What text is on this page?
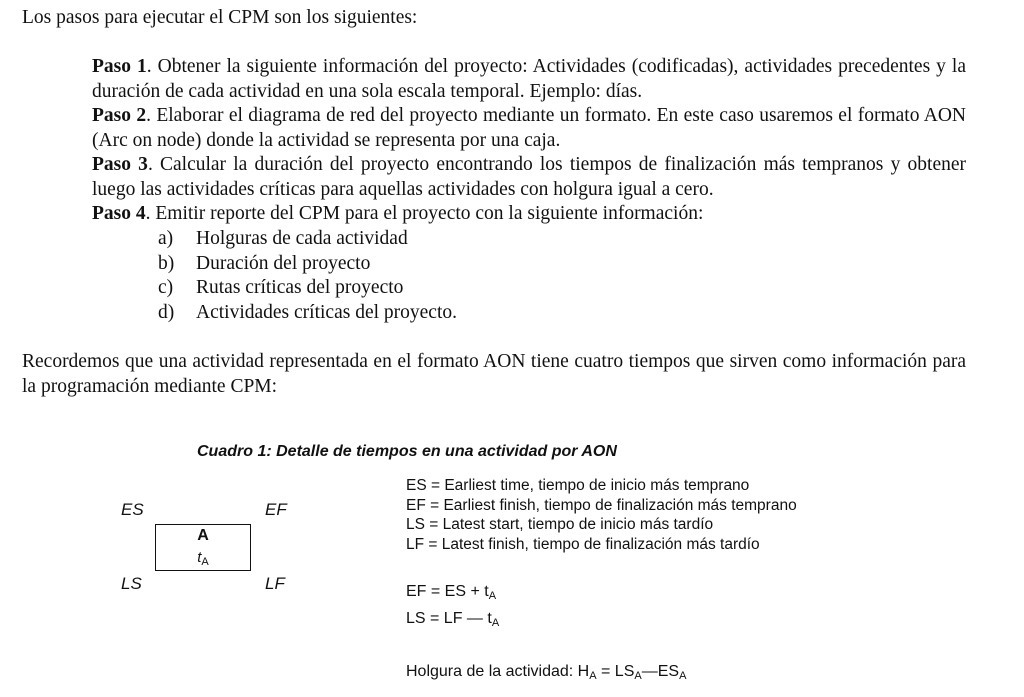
Los pasos para ejecutar el CPM son los siguientes:
Paso 1. Obtener la siguiente información del proyecto: Actividades (codificadas), actividades precedentes y la duración de cada actividad en una sola escala temporal. Ejemplo: días.
Paso 2. Elaborar el diagrama de red del proyecto mediante un formato. En este caso usaremos el formato AON (Arc on node) donde la actividad se representa por una caja.
Paso 3. Calcular la duración del proyecto encontrando los tiempos de finalización más tempranos y obtener luego las actividades críticas para aquellas actividades con holgura igual a cero.
Paso 4. Emitir reporte del CPM para el proyecto con la siguiente información:
a)	Holguras de cada actividad
b)	Duración del proyecto
c)	Rutas críticas del proyecto
d)	Actividades críticas del proyecto.
Recordemos que una actividad representada en el formato AON tiene cuatro tiempos que sirven como información para la programación mediante CPM:
Cuadro 1: Detalle de tiempos en una actividad por AON
ES	EF
LS	LF
A
$t_A$
ES = Earliest time, tiempo de inicio más temprano
EF = Earliest finish, tiempo de finalización más temprano
LS = Latest start, tiempo de inicio más tardío
LF = Latest finish, tiempo de finalización más tardío
EF = ES + $t_A$
LS = LF — $t_A$
Holgura de la actividad: $H_A$ = $LS_A—ES_A$
